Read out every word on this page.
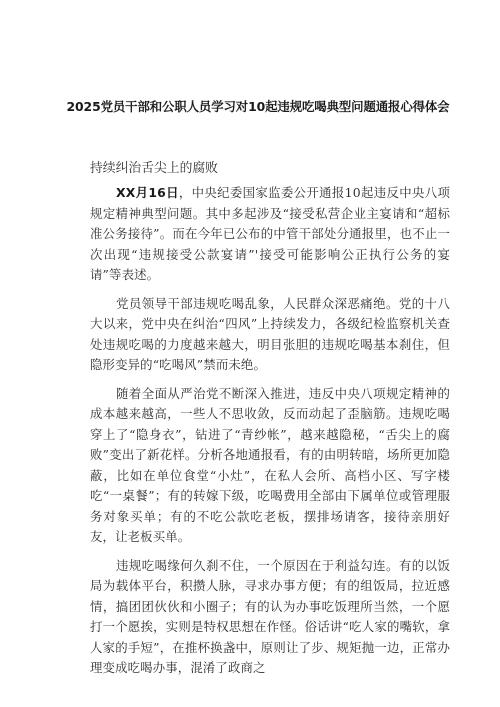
2025党员干部和公职人员学习对10起违规吃喝典型问题通报心得体会

持续纠治舌尖上的腐败

XX月16日，中央纪委国家监委公开通报10起违反中央八项规定精神典型问题。其中多起涉及“接受私营企业主宴请和“超标准公务接待”。而在今年已公布的中管干部处分通报里，也不止一次出现“违规接受公款宴请”'接受可能影响公正执行公务的宴请”等表述。

党员领导干部违规吃喝乱象，人民群众深恶痛绝。党的十八大以来，党中央在纠治“四风”上持续发力，各级纪检监察机关查处违规吃喝的力度越来越大，明目张胆的违规吃喝基本刹住，但隐形变异的“吃喝风”禁而未绝。

随着全面从严治党不断深入推进，违反中央八项规定精神的成本越来越高，一些人不思收敛，反而动起了歪脑筋。违规吃喝穿上了“隐身衣”，钻进了“青纱帐”，越来越隐秘，“舌尖上的腐败”变出了新花样。分析各地通报看，有的由明转暗，场所更加隐蔽，比如在单位食堂“小灶”，在私人会所、高档小区、写字楼吃“一桌餐”；有的转嫁下级，吃喝费用全部由下属单位或管理服务对象买单；有的不吃公款吃老板，摆排场请客，接待亲朋好友，让老板买单。

违规吃喝缘何久刹不住，一个原因在于利益勾连。有的以饭局为载体平台，积攒人脉，寻求办事方便；有的组饭局，拉近感情，搞团团伙伙和小圈子；有的认为办事吃饭理所当然，一个愿打一个愿挨，实则是特权思想在作怪。俗话讲“吃人家的嘴软，拿人家的手短”，在推杯换盏中，原则让了步、规矩抛一边，正常办理变成吃喝办事，混淆了政商之
